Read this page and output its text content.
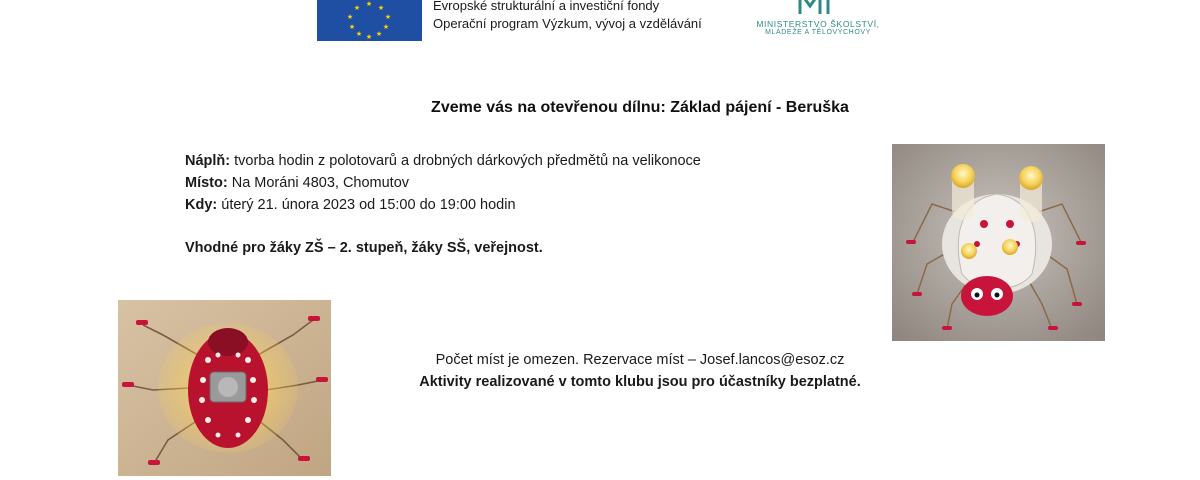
★
★	★
★	★
★	★
★ ★
★
Evropské strukturální a investiční fondy
Operační program Výzkum, vývoj a vzdělávání	MINISTERSTVO ŠKOLSTVÍ,
MLÁDEŽE A TĚLOVÝCHOVY
Zveme vás na otevřenou dílnu: Základ pájení - Beruška
Náplň: tvorba hodin z polotovarů a drobných dárkových předmětů na velikonoce
Místo: Na Moráni 4803, Chomutov
Kdy: úterý 21. února 2023 od 15:00 do 19:00 hodin
Vhodné pro žáky ZŠ – 2. stupeň, žáky SŠ, veřejnost.
Počet míst je omezen. Rezervace míst – Josef.lancos@esoz.cz
Aktivity realizované v tomto klubu jsou pro účastníky bezplatné.
